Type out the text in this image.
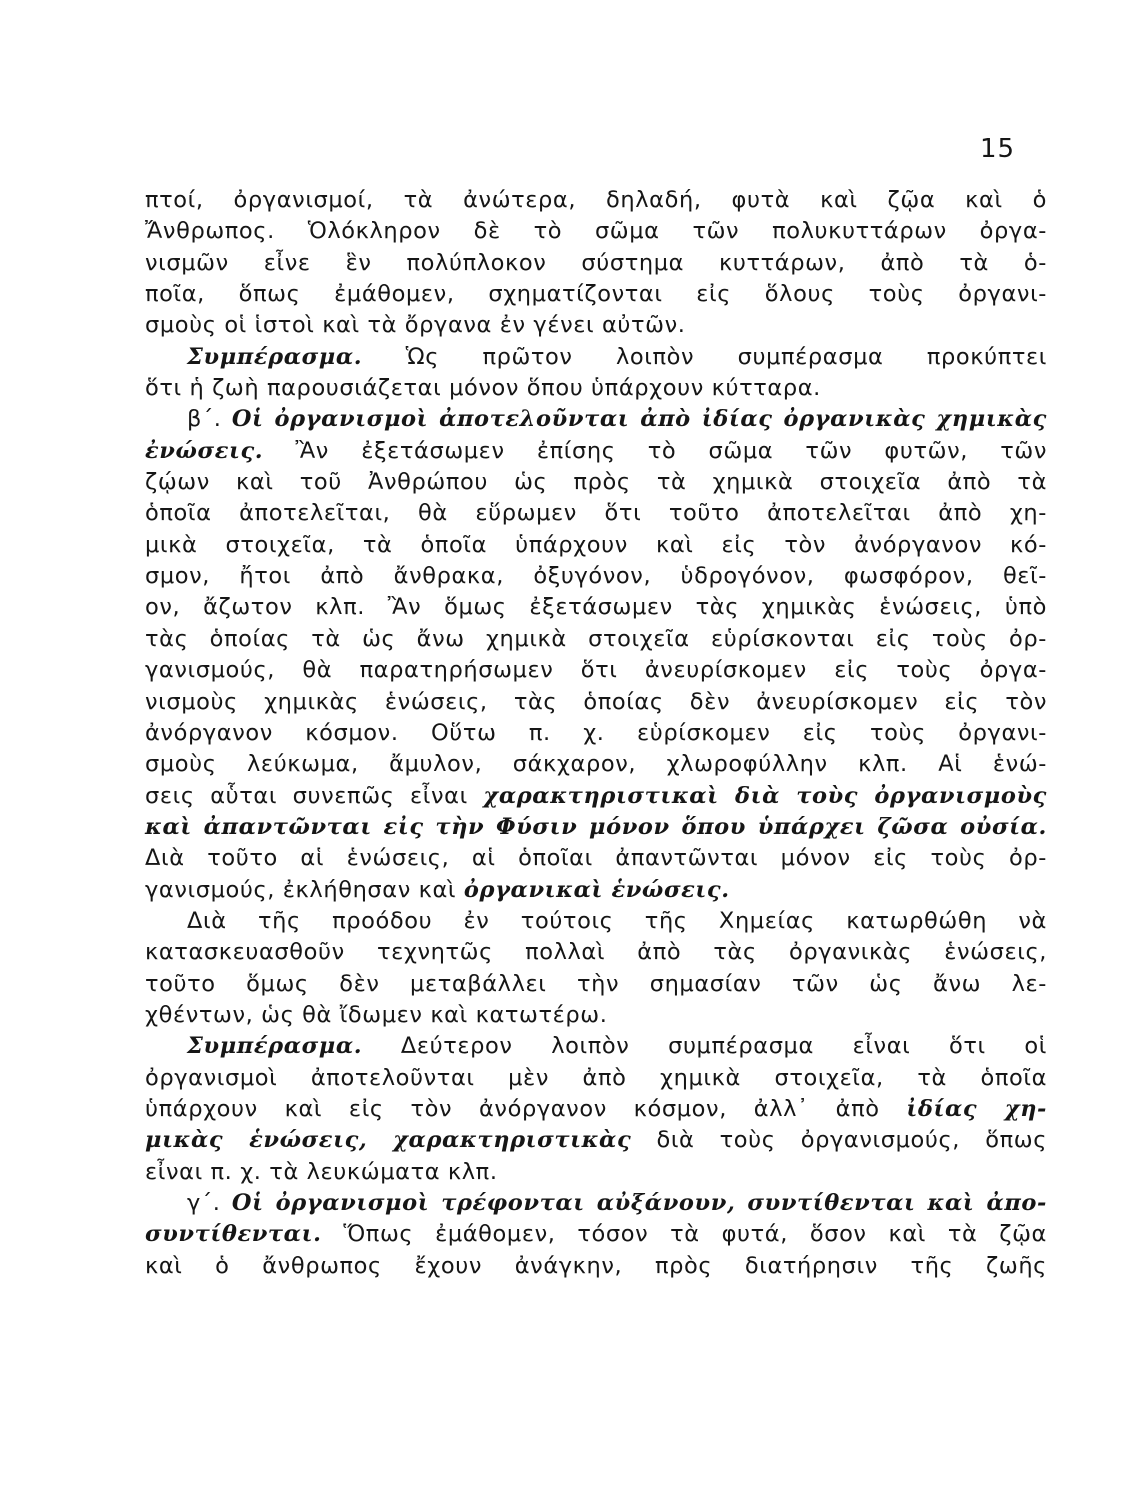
15
πτοί, ὀργανισμοί, τὰ ἀνώτερα, δηλαδή, φυτὰ καὶ ζῷα καὶ ὁ
Ἄνθρωπος. Ὁλόκληρον δὲ τὸ σῶμα τῶν πολυκυττάρων ὀργα-
νισμῶν εἶνε ἓν πολύπλοκον σύστημα κυττάρων, ἀπὸ τὰ ὁ-
ποῖα, ὅπως ἐμάθομεν, σχηματίζονται εἰς ὅλους τοὺς ὀργανι-
σμοὺς οἱ ἱστοὶ καὶ τὰ ὄργανα ἐν γένει αὐτῶν.
Συμπέρασμα. Ὡς πρῶτον λοιπὸν συμπέρασμα προκύπτει
ὅτι ἡ ζωὴ παρουσιάζεται μόνον ὅπου ὑπάρχουν κύτταρα.
β΄. Οἱ ὀργανισμοὶ ἀποτελοῦνται ἀπὸ ἰδίας ὀργανικὰς χημικὰς
ἐνώσεις. Ἂν ἐξετάσωμεν ἐπίσης τὸ σῶμα τῶν φυτῶν, τῶν
ζῴων καὶ τοῦ Ἀνθρώπου ὡς πρὸς τὰ χημικὰ στοιχεῖα ἀπὸ τὰ
ὁποῖα ἀποτελεῖται, θὰ εὕρωμεν ὅτι τοῦτο ἀποτελεῖται ἀπὸ χη-
μικὰ στοιχεῖα, τὰ ὁποῖα ὑπάρχουν καὶ εἰς τὸν ἀνόργανον κό-
σμον, ἤτοι ἀπὸ ἄνθρακα, ὀξυγόνον, ὑδρογόνον, φωσφόρον, θεῖ-
ον, ἄζωτον κλπ. Ἂν ὅμως ἐξετάσωμεν τὰς χημικὰς ἑνώσεις, ὑπὸ
τὰς ὁποίας τὰ ὡς ἄνω χημικὰ στοιχεῖα εὑρίσκονται εἰς τοὺς ὀρ-
γανισμούς, θὰ παρατηρήσωμεν ὅτι ἀνευρίσκομεν εἰς τοὺς ὀργα-
νισμοὺς χημικὰς ἑνώσεις, τὰς ὁποίας δὲν ἀνευρίσκομεν εἰς τὸν
ἀνόργανον κόσμον. Οὕτω π. χ. εὑρίσκομεν εἰς τοὺς ὀργανι-
σμοὺς λεύκωμα, ἄμυλον, σάκχαρον, χλωροφύλλην κλπ. Αἱ ἑνώ-
σεις αὗται συνεπῶς εἶναι χαρακτηριστικαὶ διὰ τοὺς ὀργανισμοὺς
καὶ ἀπαντῶνται εἰς τὴν Φύσιν μόνον ὅπου ὑπάρχει ζῶσα οὐσία.
Διὰ τοῦτο αἱ ἑνώσεις, αἱ ὁποῖαι ἀπαντῶνται μόνον εἰς τοὺς ὀρ-
γανισμούς, ἐκλήθησαν καὶ ὀργανικαὶ ἑνώσεις.
Διὰ τῆς προόδου ἐν τούτοις τῆς Χημείας κατωρθώθη νὰ
κατασκευασθοῦν τεχνητῶς πολλαὶ ἀπὸ τὰς ὀργανικὰς ἑνώσεις,
τοῦτο ὅμως δὲν μεταβάλλει τὴν σημασίαν τῶν ὡς ἄνω λε-
χθέντων, ὡς θὰ ἴδωμεν καὶ κατωτέρω.
Συμπέρασμα. Δεύτερον λοιπὸν συμπέρασμα εἶναι ὅτι οἱ
ὀργανισμοὶ ἀποτελοῦνται μὲν ἀπὸ χημικὰ στοιχεῖα, τὰ ὁποῖα
ὑπάρχουν καὶ εἰς τὸν ἀνόργανον κόσμον, ἀλλ᾿ ἀπὸ ἰδίας χη-
μικὰς ἑνώσεις, χαρακτηριστικὰς διὰ τοὺς ὀργανισμούς, ὅπως
εἶναι π. χ. τὰ λευκώματα κλπ.
γ΄. Οἱ ὀργανισμοὶ τρέφονται αὐξάνουν, συντίθενται καὶ ἀπο-
συντίθενται. Ὅπως ἐμάθομεν, τόσον τὰ φυτά, ὅσον καὶ τὰ ζῷα
καὶ ὁ ἄνθρωπος ἔχουν ἀνάγκην, πρὸς διατήρησιν τῆς ζωῆς
